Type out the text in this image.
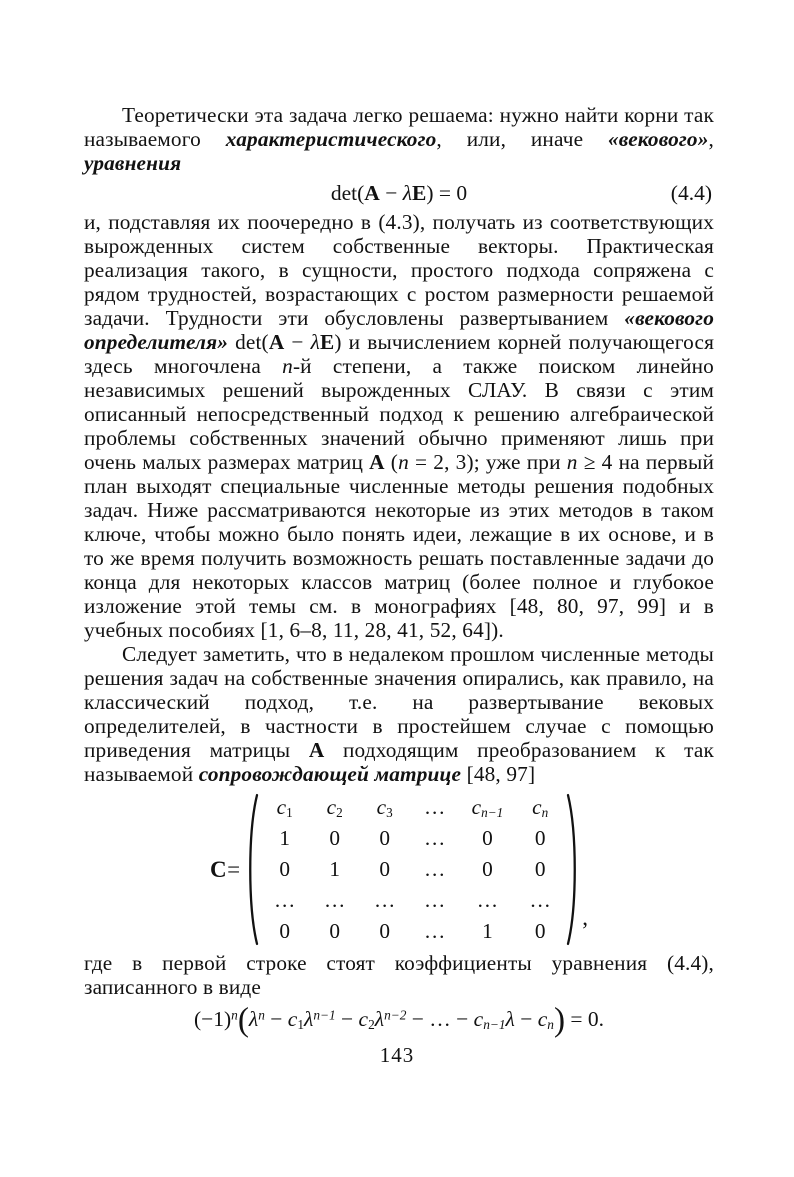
Теоретически эта задача легко решаема: нужно найти корни так называемого характеристического, или, иначе «векового», уравнения

det(A − λE) = 0	(4.4)

и, подставляя их поочередно в (4.3), получать из соответствующих вырожденных систем собственные векторы. Практическая реализация такого, в сущности, простого подхода сопряжена с рядом трудностей, возрастающих с ростом размерности решаемой задачи. Трудности эти обусловлены развертыванием «векового определителя» det(A − λE) и вычислением корней получающегося здесь многочлена n-й степени, а также поиском линейно независимых решений вырожденных СЛАУ. В связи с этим описанный непосредственный подход к решению алгебраической проблемы собственных значений обычно применяют лишь при очень малых размерах матриц A (n = 2, 3); уже при n ≥ 4 на первый план выходят специальные численные методы решения подобных задач. Ниже рассматриваются некоторые из этих методов в таком ключе, чтобы можно было понять идеи, лежащие в их основе, и в то же время получить возможность решать поставленные задачи до конца для некоторых классов матриц (более полное и глубокое изложение этой темы см. в монографиях [48, 80, 97, 99] и в учебных пособиях [1, 6–8, 11, 28, 41, 52, 64]).

Следует заметить, что в недалеком прошлом численные методы решения задач на собственные значения опирались, как правило, на классический подход, т.е. на развертывание вековых определителей, в частности в простейшем случае с помощью приведения матрицы A подходящим преобразованием к так называемой сопровождающей матрице [48, 97]

C=
$c_1$	$c_2$	$c_3$	…	$c_{n-1}$	$c_n$
1	0	0	…	0	0
0	1	0	…	0	0
…	…	…	…	…	…
0	0	0	…	1	0
,

где в первой строке стоят коэффициенты уравнения (4.4), записанного в виде

$(-1)^n(\lambda^n - c_1\lambda^{n-1} - c_2\lambda^{n-2}$ − … − $c_{n-1}\lambda - c_n) = 0$.
143
